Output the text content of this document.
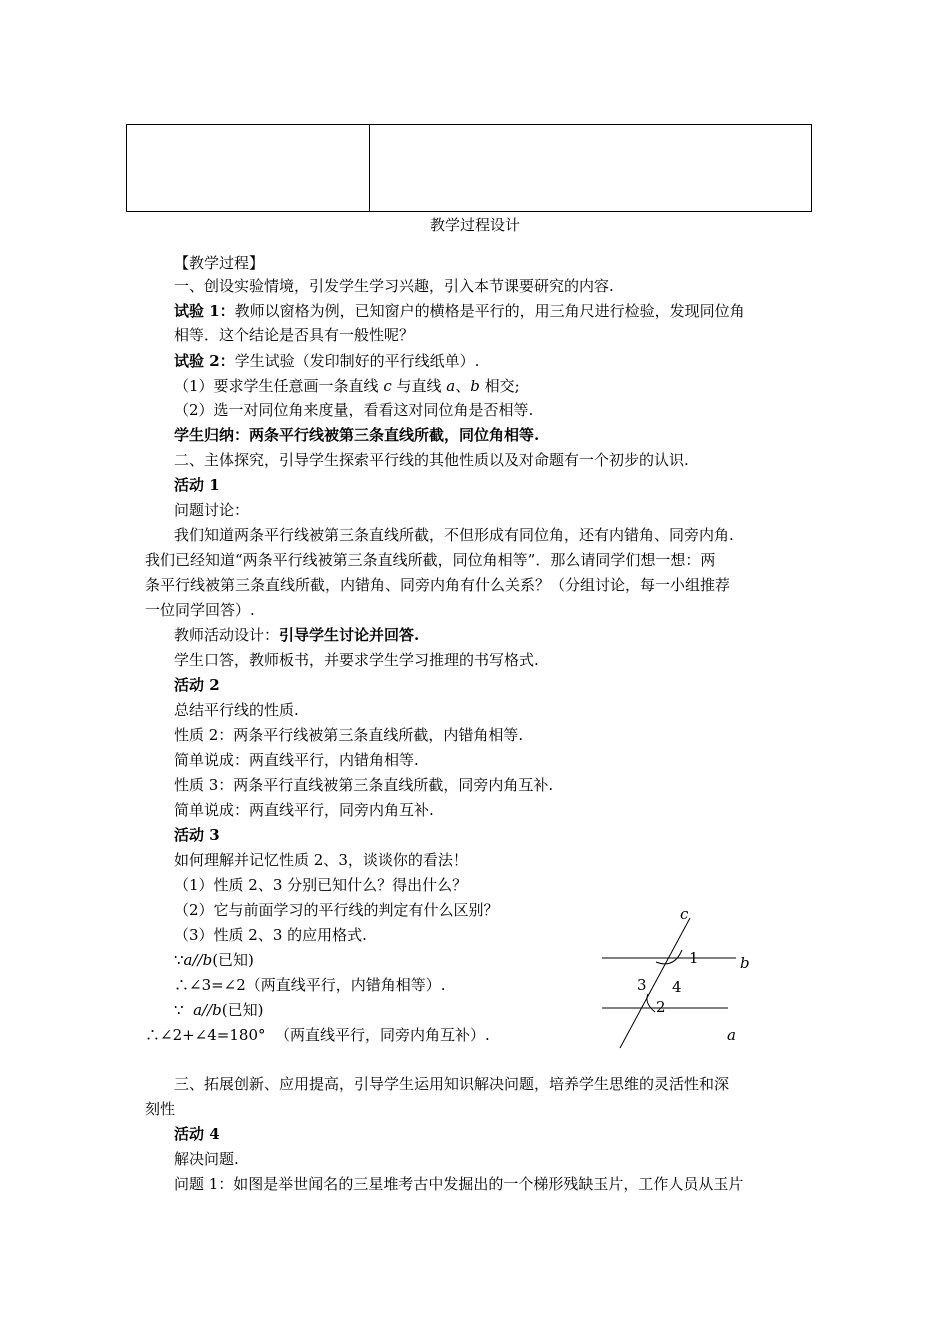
教学过程设计
【教学过程】
一、创设实验情境，引发学生学习兴趣，引入本节课要研究的内容.
试验 1：教师以窗格为例，已知窗户的横格是平行的，用三角尺进行检验，发现同位角
相等．这个结论是否具有一般性呢？
试验 2：学生试验（发印制好的平行线纸单）.
（1）要求学生任意画一条直线 c 与直线 a、b 相交;
（2）选一对同位角来度量，看看这对同位角是否相等.
学生归纳：两条平行线被第三条直线所截，同位角相等.
二、主体探究，引导学生探索平行线的其他性质以及对命题有一个初步的认识.
活动 1
问题讨论：
我们知道两条平行线被第三条直线所截，不但形成有同位角，还有内错角、同旁内角.
我们已经知道“两条平行线被第三条直线所截，同位角相等”．那么请同学们想一想：两
条平行线被第三条直线所截，内错角、同旁内角有什么关系？（分组讨论，每一小组推荐
一位同学回答）.
教师活动设计：引导学生讨论并回答.
学生口答，教师板书，并要求学生学习推理的书写格式.
活动 2
总结平行线的性质.
性质 2：两条平行线被第三条直线所截，内错角相等.
简单说成：两直线平行，内错角相等.
性质 3：两条平行直线被第三条直线所截，同旁内角互补.
简单说成：两直线平行，同旁内角互补.
活动 3
如何理解并记忆性质 2、3，谈谈你的看法！
（1）性质 2、3 分别已知什么？得出什么？
（2）它与前面学习的平行线的判定有什么区别？
（3）性质 2、3 的应用格式.
∵a//b(已知)
∴∠3=∠2（两直线平行，内错角相等）.
∵  a//b(已知)
∴∠2+∠4=180°  （两直线平行，同旁内角互补）.
三、拓展创新、应用提高，引导学生运用知识解决问题，培养学生思维的灵活性和深
刻性
活动 4
解决问题.
问题 1：如图是举世闻名的三星堆考古中发掘出的一个梯形残缺玉片，工作人员从玉片
c
b
a
1
2
3 4
